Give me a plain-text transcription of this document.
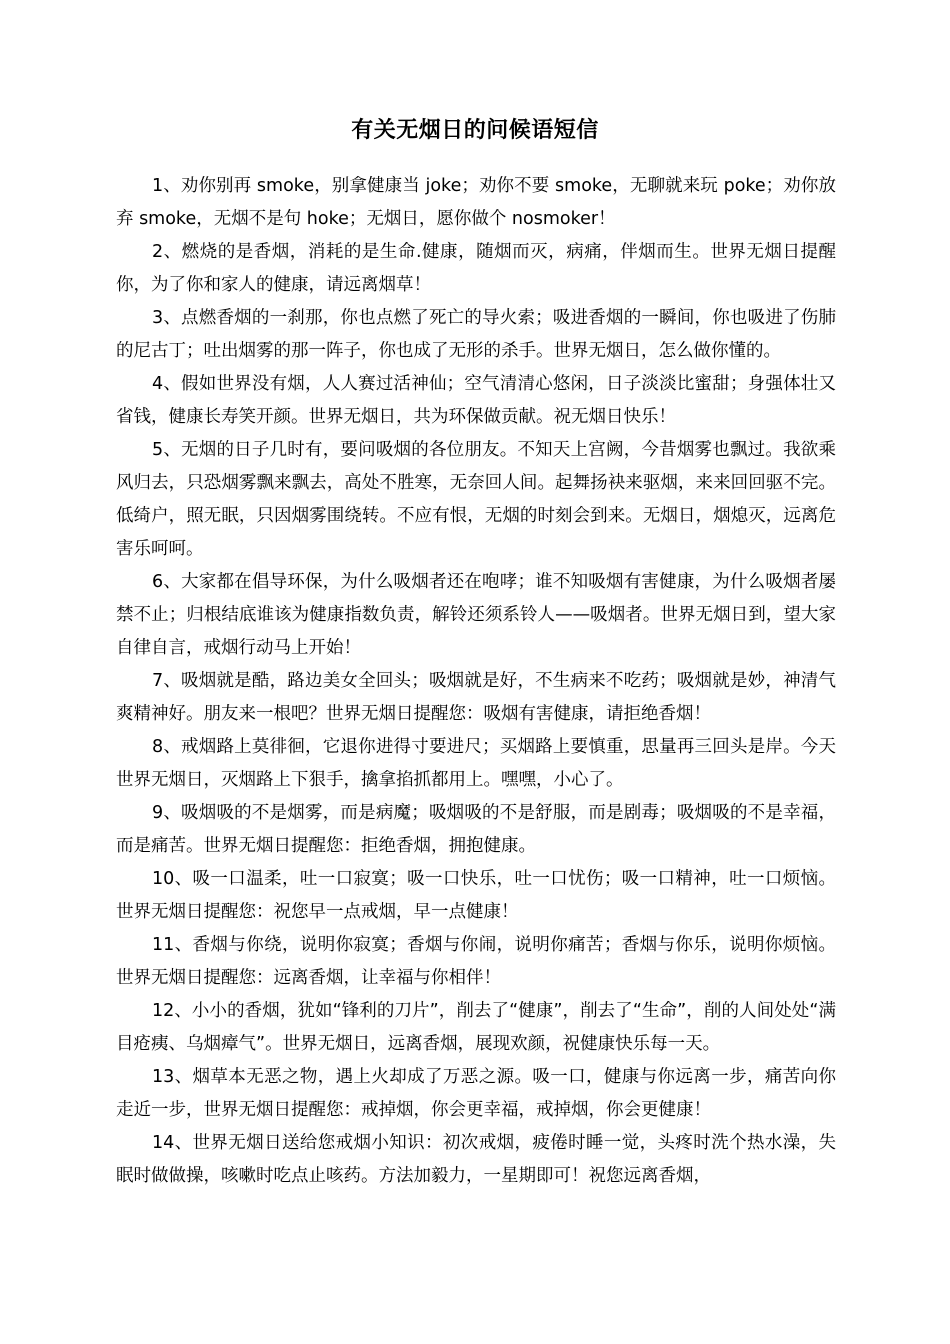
有关无烟日的问候语短信

1、劝你别再 smoke，别拿健康当 joke；劝你不要 smoke，无聊就来玩 poke；劝你放弃 smoke，无烟不是句 hoke；无烟日，愿你做个 nosmoker！

2、燃烧的是香烟，消耗的是生命.健康，随烟而灭，病痛，伴烟而生。世界无烟日提醒你，为了你和家人的健康，请远离烟草！

3、点燃香烟的一刹那，你也点燃了死亡的导火索；吸进香烟的一瞬间，你也吸进了伤肺的尼古丁；吐出烟雾的那一阵子，你也成了无形的杀手。世界无烟日，怎么做你懂的。

4、假如世界没有烟，人人赛过活神仙；空气清清心悠闲，日子淡淡比蜜甜；身强体壮又省钱，健康长寿笑开颜。世界无烟日，共为环保做贡献。祝无烟日快乐！

5、无烟的日子几时有，要问吸烟的各位朋友。不知天上宫阙，今昔烟雾也飘过。我欲乘风归去，只恐烟雾飘来飘去，高处不胜寒，无奈回人间。起舞扬袂来驱烟，来来回回驱不完。低绮户，照无眠，只因烟雾围绕转。不应有恨，无烟的时刻会到来。无烟日，烟熄灭，远离危害乐呵呵。

6、大家都在倡导环保，为什么吸烟者还在咆哮；谁不知吸烟有害健康，为什么吸烟者屡禁不止；归根结底谁该为健康指数负责，解铃还须系铃人——吸烟者。世界无烟日到，望大家自律自言，戒烟行动马上开始！

7、吸烟就是酷，路边美女全回头；吸烟就是好，不生病来不吃药；吸烟就是妙，神清气爽精神好。朋友来一根吧？世界无烟日提醒您：吸烟有害健康，请拒绝香烟！

8、戒烟路上莫徘徊，它退你进得寸要进尺；买烟路上要慎重，思量再三回头是岸。今天世界无烟日，灭烟路上下狠手，擒拿掐抓都用上。嘿嘿，小心了。

9、吸烟吸的不是烟雾，而是病魔；吸烟吸的不是舒服，而是剧毒；吸烟吸的不是幸福，而是痛苦。世界无烟日提醒您：拒绝香烟，拥抱健康。

10、吸一口温柔，吐一口寂寞；吸一口快乐，吐一口忧伤；吸一口精神，吐一口烦恼。世界无烟日提醒您：祝您早一点戒烟，早一点健康！

11、香烟与你绕，说明你寂寞；香烟与你闹，说明你痛苦；香烟与你乐，说明你烦恼。世界无烟日提醒您：远离香烟，让幸福与你相伴！

12、小小的香烟，犹如“锋利的刀片”，削去了“健康”，削去了“生命”，削的人间处处“满目疮痍、乌烟瘴气”。世界无烟日，远离香烟，展现欢颜，祝健康快乐每一天。

13、烟草本无恶之物，遇上火却成了万恶之源。吸一口，健康与你远离一步，痛苦向你走近一步，世界无烟日提醒您：戒掉烟，你会更幸福，戒掉烟，你会更健康！

14、世界无烟日送给您戒烟小知识：初次戒烟，疲倦时睡一觉，头疼时洗个热水澡，失眠时做做操，咳嗽时吃点止咳药。方法加毅力，一星期即可！祝您远离香烟，
